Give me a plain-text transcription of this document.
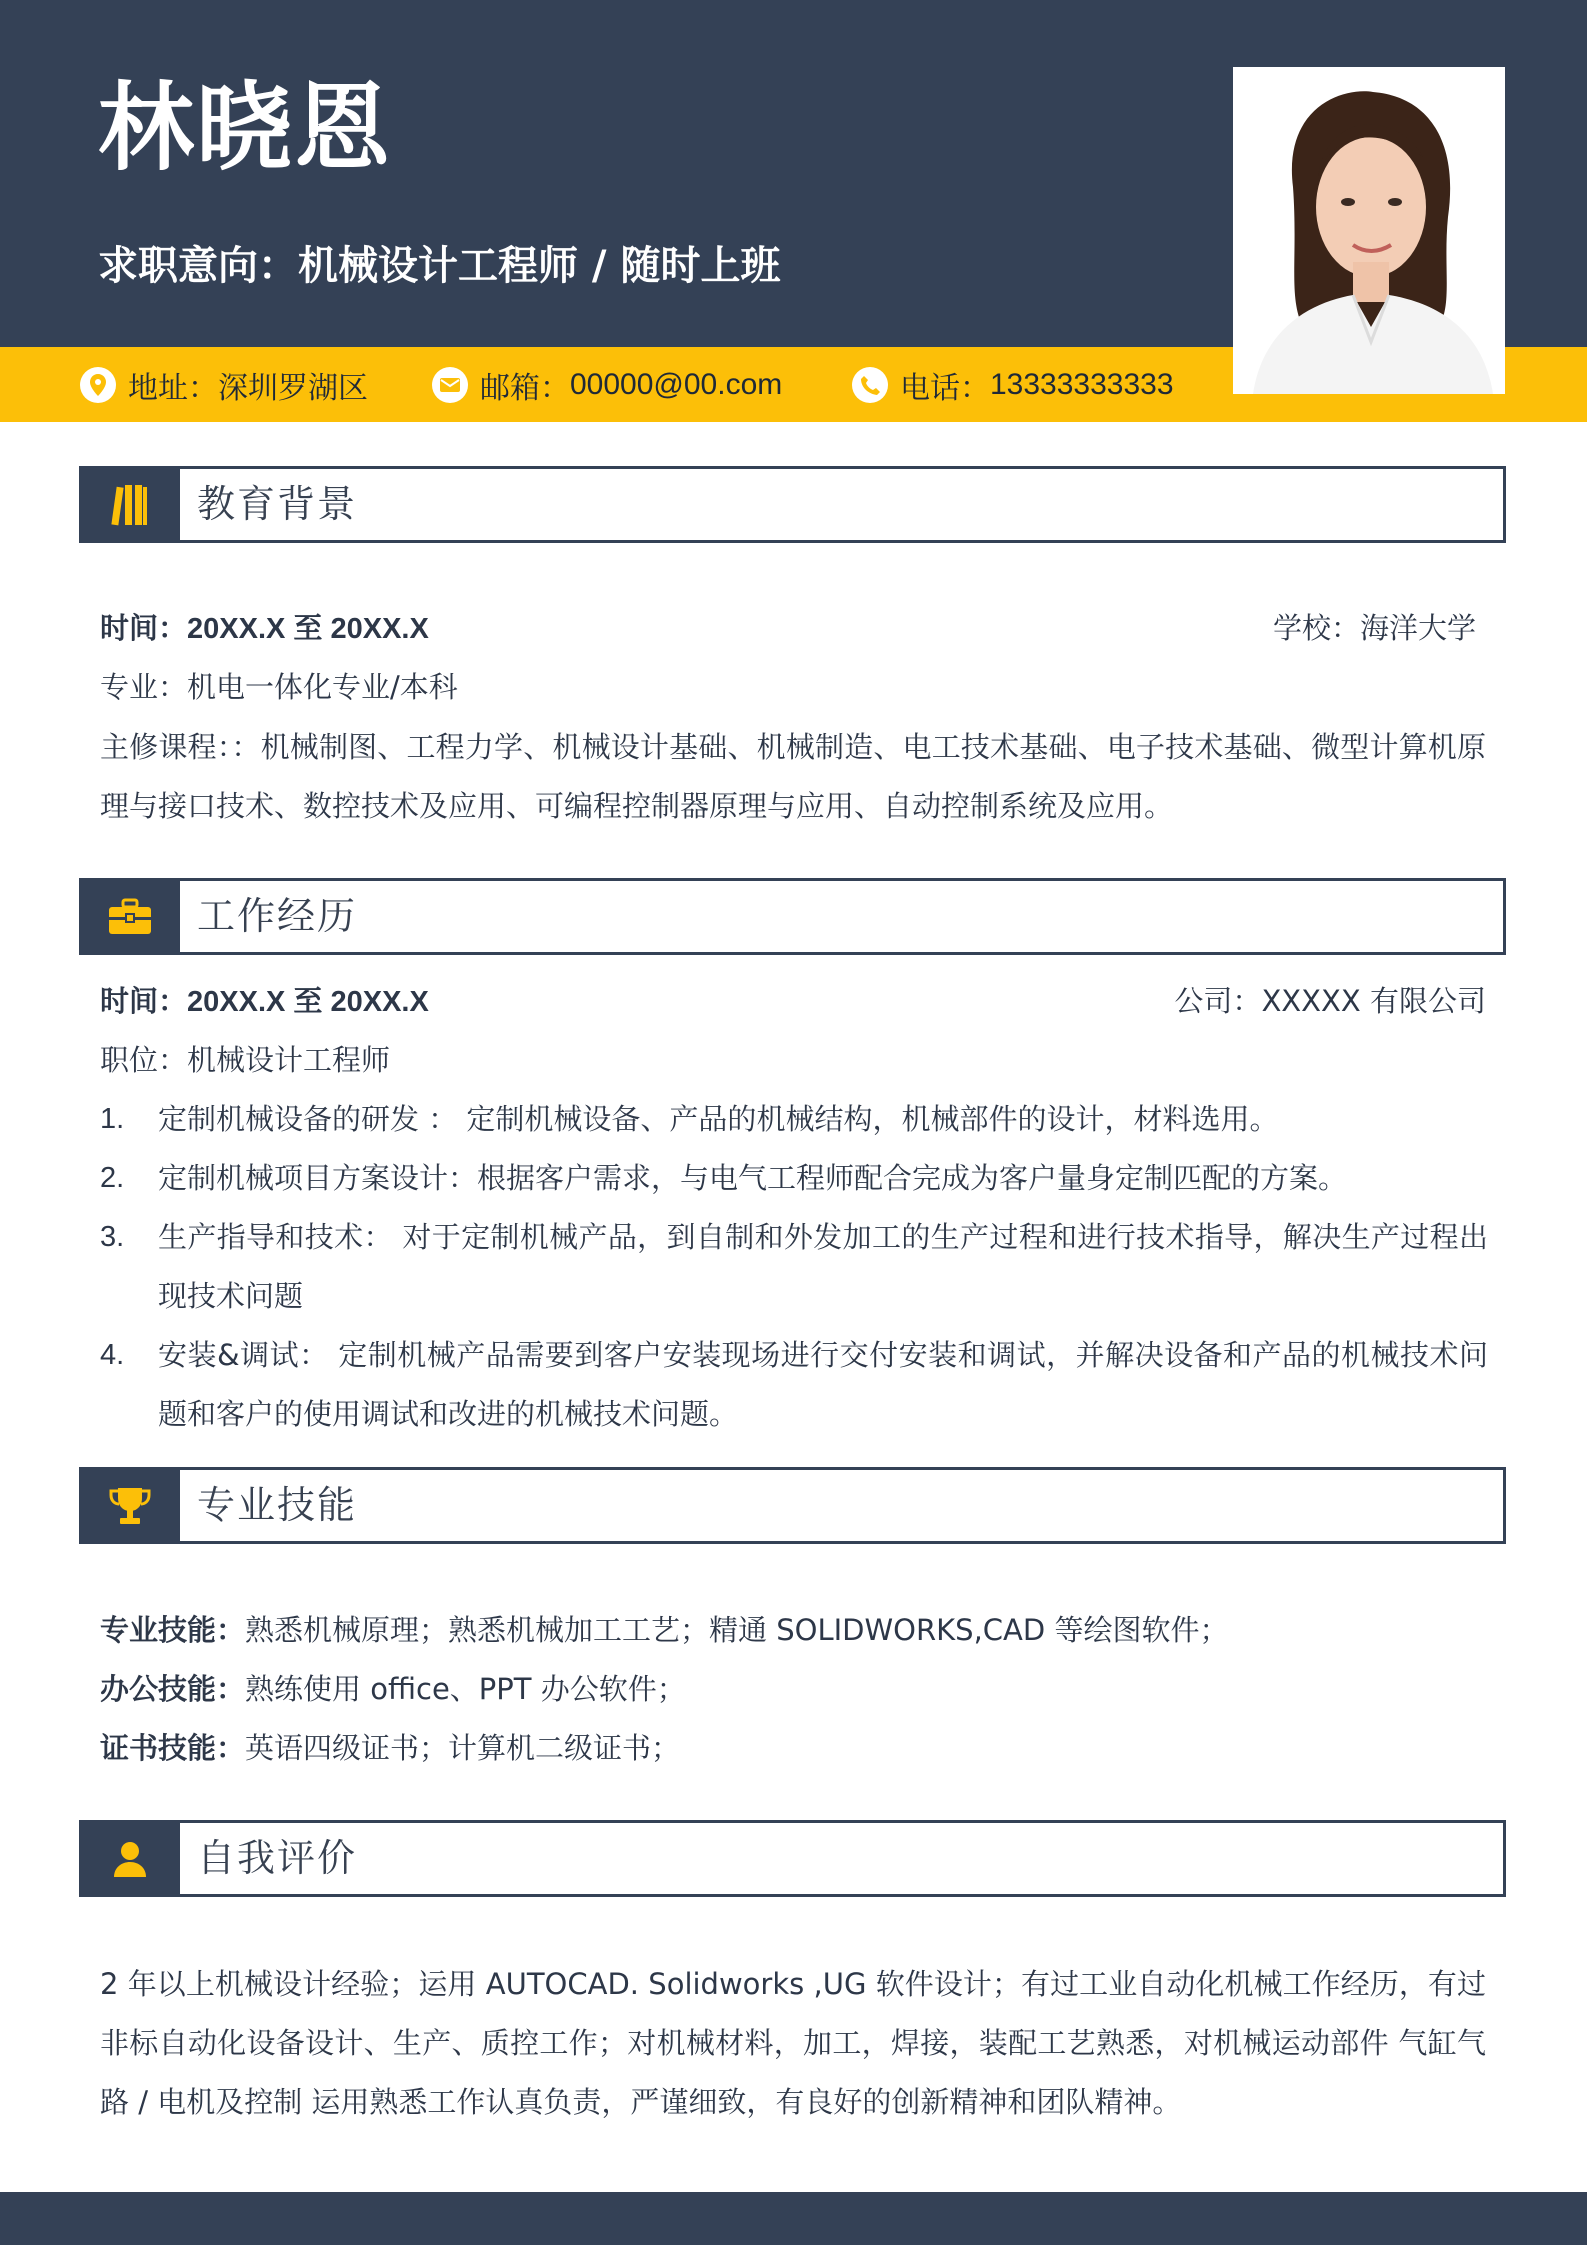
林晓恩
求职意向：机械设计工程师 / 随时上班
地址：深圳罗湖区	邮箱： 00000@00.com	电话： 13333333333
教育背景
时间：20XX.X 至 20XX.X	学校：海洋大学
专业：机电一体化专业/本科
主修课程：：机械制图、工程力学、机械设计基础、机械制造、电工技术基础、电子技术基础、微型计算机原理与接口技术、数控技术及应用、可编程控制器原理与应用、自动控制系统及应用。
工作经历
时间：20XX.X 至 20XX.X	公司：XXXXX 有限公司
职位：机械设计工程师
1. 定制机械设备的研发 ： 定制机械设备、产品的机械结构，机械部件的设计，材料选用。
2. 定制机械项目方案设计：根据客户需求，与电气工程师配合完成为客户量身定制匹配的方案。
3. 生产指导和技术： 对于定制机械产品，到自制和外发加工的生产过程和进行技术指导，解决生产过程出现技术问题
4. 安装&调试： 定制机械产品需要到客户安装现场进行交付安装和调试，并解决设备和产品的机械技术问题和客户的使用调试和改进的机械技术问题。
专业技能
专业技能：熟悉机械原理；熟悉机械加工工艺；精通 SOLIDWORKS,CAD 等绘图软件；
办公技能：熟练使用 office、PPT 办公软件；
证书技能：英语四级证书；计算机二级证书；
自我评价
2 年以上机械设计经验；运用 AUTOCAD. Solidworks ,UG 软件设计；有过工业自动化机械工作经历，有过非标自动化设备设计、生产、质控工作；对机械材料，加工，焊接，装配工艺熟悉，对机械运动部件 气缸气路 / 电机及控制 运用熟悉工作认真负责，严谨细致，有良好的创新精神和团队精神。
